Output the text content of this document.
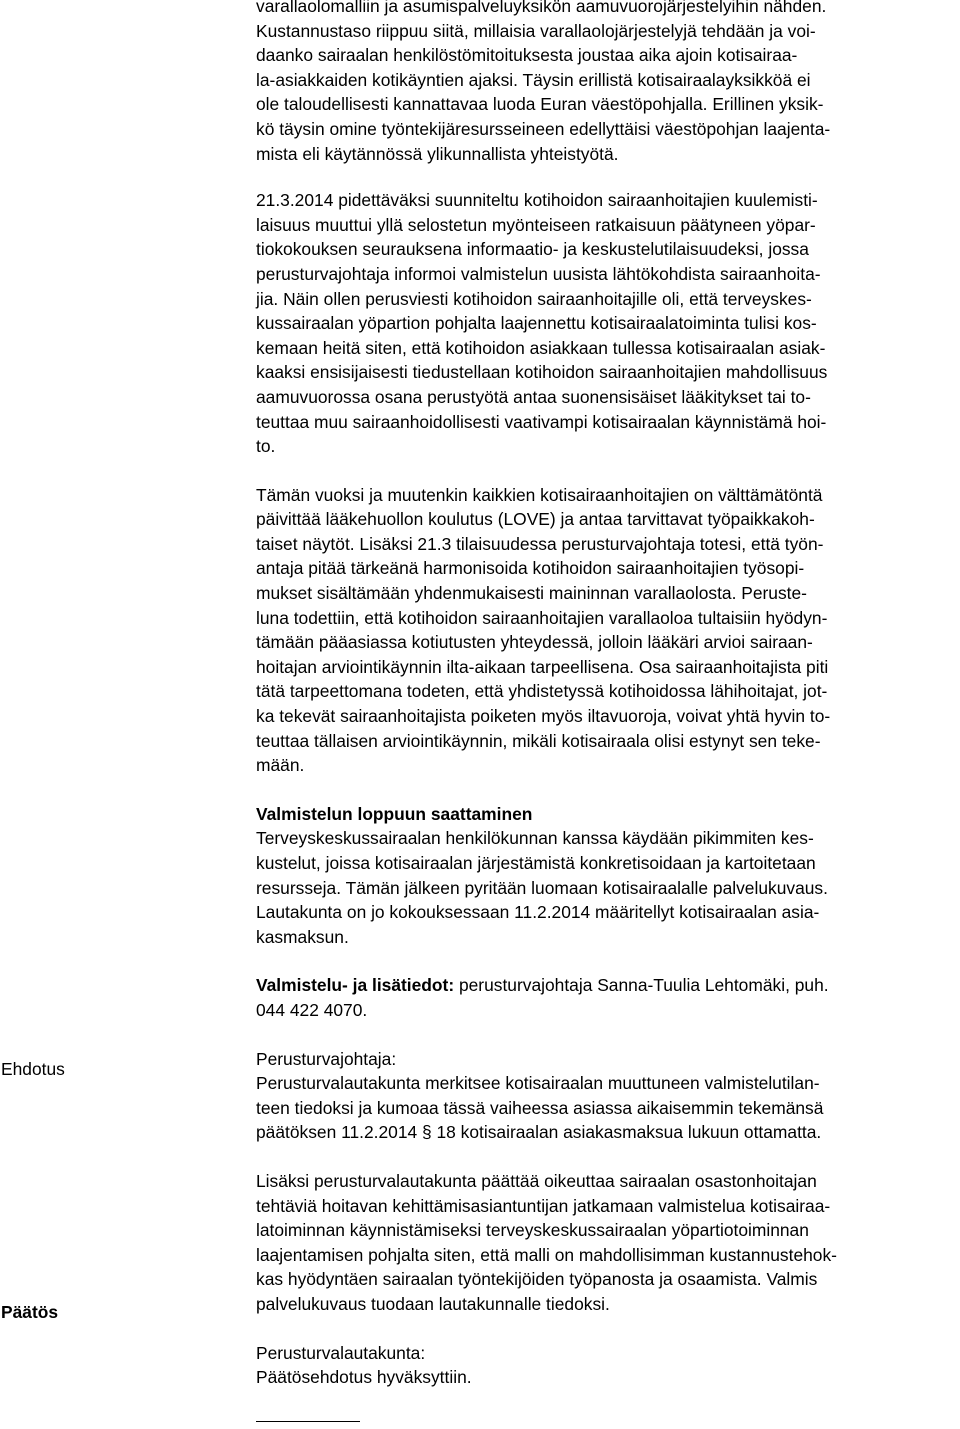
varallaolomalliin ja asumispalveluyksikön aamuvuorojärjestelyihin nähden.
Kustannustaso riippuu siitä, millaisia varallaolojärjestelyjä tehdään ja voi-
daanko sairaalan henkilöstömitoituksesta joustaa aika ajoin kotisairaa-
la-asiakkaiden kotikäyntien ajaksi. Täysin erillistä kotisairaalayksikköä ei
ole taloudellisesti kannattavaa luoda Euran väestöpohjalla. Erillinen yksik-
kö täysin omine työntekijäresursseineen edellyttäisi väestöpohjan laajenta-
mista eli käytännössä ylikunnallista yhteistyötä.
21.3.2014 pidettäväksi suunniteltu kotihoidon sairaanhoitajien kuulemisti-
laisuus muuttui yllä selostetun myönteiseen ratkaisuun päätyneen yöpar-
tiokokouksen seurauksena informaatio- ja keskustelutilaisuudeksi, jossa
perusturvajohtaja informoi valmistelun uusista lähtökohdista sairaanhoita-
jia. Näin ollen perusviesti kotihoidon sairaanhoitajille oli, että terveyskes-
kussairaalan yöpartion pohjalta laajennettu kotisairaalatoiminta tulisi kos-
kemaan heitä siten, että kotihoidon asiakkaan tullessa kotisairaalan asiak-
kaaksi ensisijaisesti tiedustellaan kotihoidon sairaanhoitajien mahdollisuus
aamuvuorossa osana perustyötä antaa suonensisäiset lääkitykset tai to-
teuttaa muu sairaanhoidollisesti vaativampi kotisairaalan käynnistämä hoi-
to.
Tämän vuoksi ja muutenkin kaikkien kotisairaanhoitajien on välttämätöntä
päivittää lääkehuollon koulutus (LOVE) ja antaa tarvittavat työpaikkakoh-
taiset näytöt. Lisäksi 21.3 tilaisuudessa perusturvajohtaja totesi, että työn-
antaja pitää tärkeänä harmonisoida kotihoidon sairaanhoitajien työsopi-
mukset sisältämään yhdenmukaisesti maininnan varallaolosta. Peruste-
luna todettiin, että kotihoidon sairaanhoitajien varallaoloa tultaisiin hyödyn-
tämään pääasiassa kotiutusten yhteydessä, jolloin lääkäri arvioi sairaan-
hoitajan arviointikäynnin ilta-aikaan tarpeellisena. Osa sairaanhoitajista piti
tätä tarpeettomana todeten, että yhdistetyssä kotihoidossa lähihoitajat, jot-
ka tekevät sairaanhoitajista poiketen myös iltavuoroja, voivat yhtä hyvin to-
teuttaa tällaisen arviointikäynnin, mikäli kotisairaala olisi estynyt sen teke-
mään.
Valmistelun loppuun saattaminen
Terveyskeskussairaalan henkilökunnan kanssa käydään pikimmiten kes-
kustelut, joissa kotisairaalan järjestämistä konkretisoidaan ja kartoitetaan
resursseja. Tämän jälkeen pyritään luomaan kotisairaalalle palvelukuvaus.
Lautakunta on jo kokouksessaan 11.2.2014 määritellyt kotisairaalan asia-
kasmaksun.
Valmistelu- ja lisätiedot: perusturvajohtaja Sanna-Tuulia Lehtomäki, puh.
044 422 4070.
Perusturvajohtaja:
Perusturvalautakunta merkitsee kotisairaalan muuttuneen valmistelutilan-
teen tiedoksi ja kumoaa tässä vaiheessa asiassa aikaisemmin tekemänsä
päätöksen 11.2.2014 § 18 kotisairaalan asiakasmaksua lukuun ottamatta.
Lisäksi perusturvalautakunta päättää oikeuttaa sairaalan osastonhoitajan
tehtäviä hoitavan kehittämisasiantuntijan jatkamaan valmistelua kotisairaa-
latoiminnan käynnistämiseksi terveyskeskussairaalan yöpartiotoiminnan
laajentamisen pohjalta siten, että malli on mahdollisimman kustannustehok-
kas hyödyntäen sairaalan työntekijöiden työpanosta ja osaamista. Valmis
palvelukuvaus tuodaan lautakunnalle tiedoksi.
Perusturvalautakunta:
Päätösehdotus hyväksyttiin.
Ehdotus
Päätös
